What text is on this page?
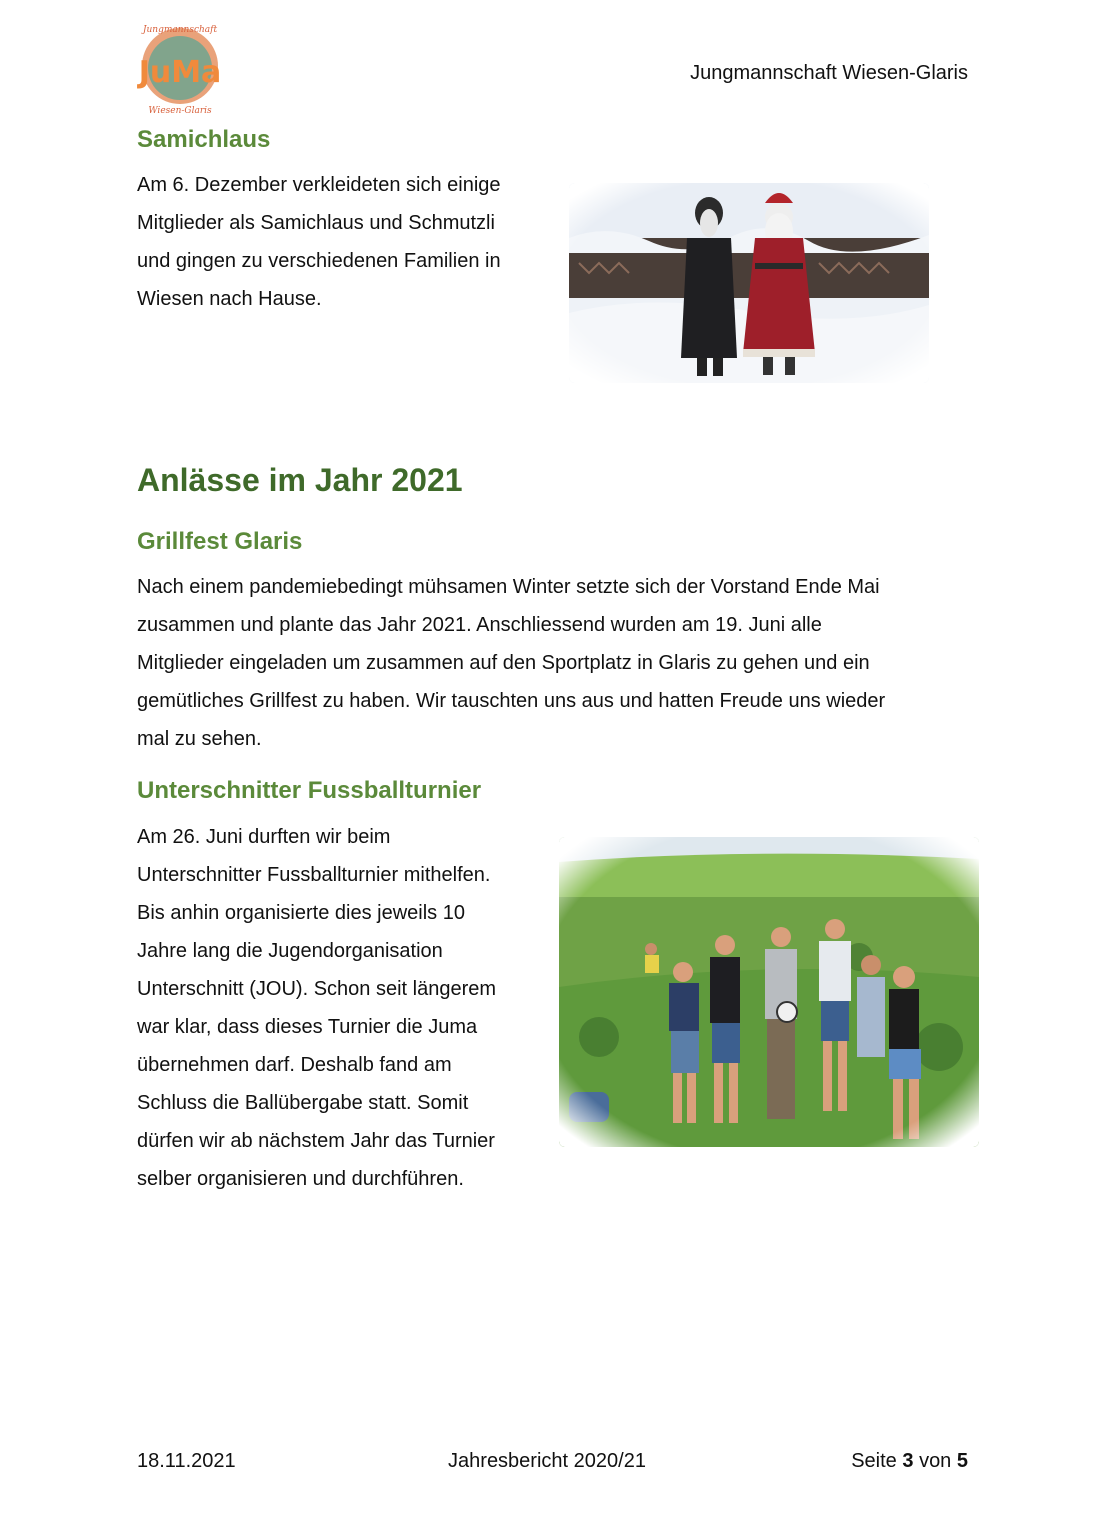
Jungmannschaft
JuMa
Wiesen-Glaris
Jungmannschaft Wiesen-Glaris
Samichlaus
Am 6. Dezember verkleideten sich einige
Mitglieder als Samichlaus und Schmutzli
und gingen zu verschiedenen Familien in
Wiesen nach Hause.
Anlässe im Jahr 2021
Grillfest Glaris
Nach einem pandemiebedingt mühsamen Winter setzte sich der Vorstand Ende Mai
zusammen und plante das Jahr 2021. Anschliessend wurden am 19. Juni alle
Mitglieder eingeladen um zusammen auf den Sportplatz in Glaris zu gehen und ein
gemütliches Grillfest zu haben. Wir tauschten uns aus und hatten Freude uns wieder
mal zu sehen.
Unterschnitter Fussballturnier
Am 26. Juni durften wir beim
Unterschnitter Fussballturnier mithelfen.
Bis anhin organisierte dies jeweils 10
Jahre lang die Jugendorganisation
Unterschnitt (JOU). Schon seit längerem
war klar, dass dieses Turnier die Juma
übernehmen darf. Deshalb fand am
Schluss die Ballübergabe statt. Somit
dürfen wir ab nächstem Jahr das Turnier
selber organisieren und durchführen.
18.11.2021	Jahresbericht 2020/21	Seite 3 von 5
